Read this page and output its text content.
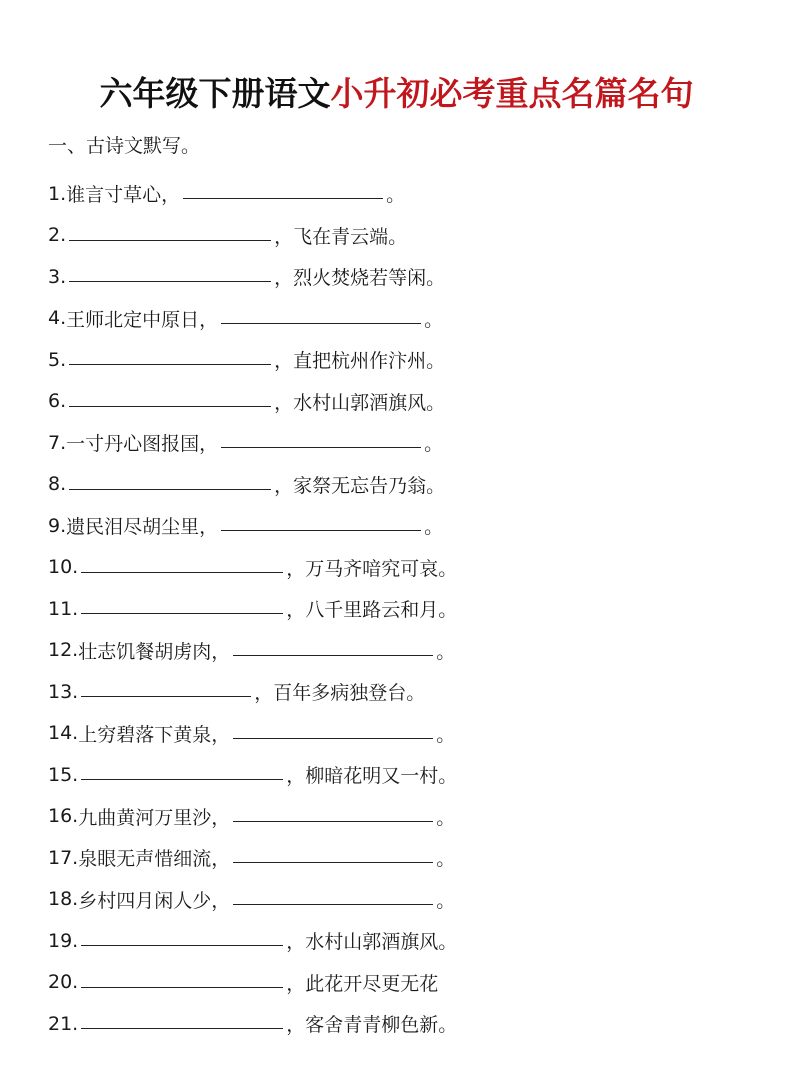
六年级下册语文小升初必考重点名篇名句
一、古诗文默写。
1. 谁言寸草心，	。
2.	，飞在青云端。
3.	，烈火焚烧若等闲。
4. 王师北定中原日，	。
5.	，直把杭州作汴州。
6.	，水村山郭酒旗风。
7. 一寸丹心图报国，	。
8.	，家祭无忘告乃翁。
9. 遗民泪尽胡尘里，	。
10.	，万马齐喑究可哀。
11.	，八千里路云和月。
12. 壮志饥餐胡虏肉，	。
13.	，百年多病独登台。
14. 上穷碧落下黄泉，	。
15.	，柳暗花明又一村。
16. 九曲黄河万里沙，	。
17. 泉眼无声惜细流，	。
18. 乡村四月闲人少，	。
19.	，水村山郭酒旗风。
20.	，此花开尽更无花
21.	，客舍青青柳色新。
